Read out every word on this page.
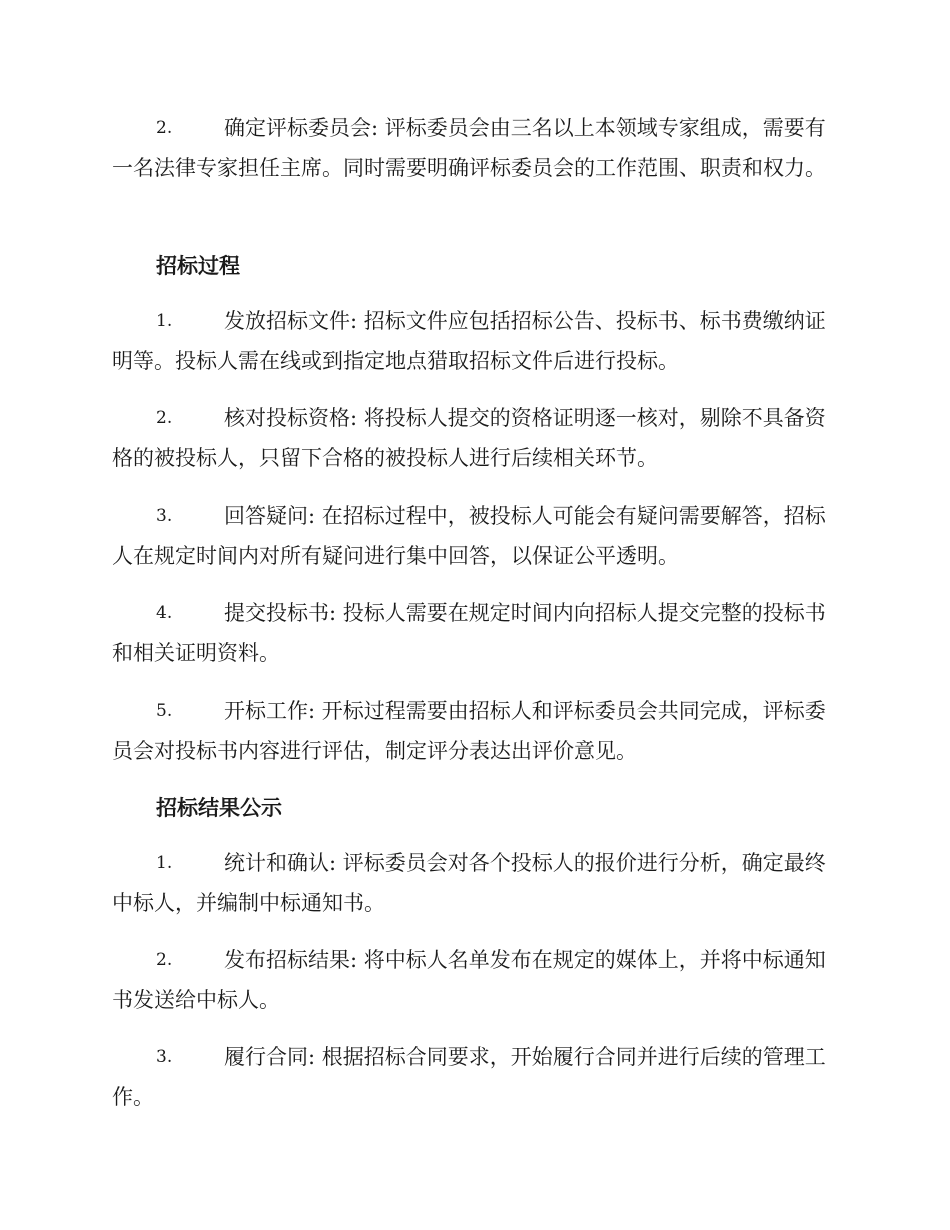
2. 确定评标委员会: 评标委员会由三名以上本领域专家组成，需要有一名法律专家担任主席。同时需要明确评标委员会的工作范围、职责和权力。
招标过程
1. 发放招标文件: 招标文件应包括招标公告、投标书、标书费缴纳证明等。投标人需在线或到指定地点猎取招标文件后进行投标。
2. 核对投标资格: 将投标人提交的资格证明逐一核对，剔除不具备资格的被投标人，只留下合格的被投标人进行后续相关环节。
3. 回答疑问: 在招标过程中，被投标人可能会有疑问需要解答，招标人在规定时间内对所有疑问进行集中回答，以保证公平透明。
4. 提交投标书: 投标人需要在规定时间内向招标人提交完整的投标书和相关证明资料。
5. 开标工作: 开标过程需要由招标人和评标委员会共同完成，评标委员会对投标书内容进行评估，制定评分表达出评价意见。
招标结果公示
1. 统计和确认: 评标委员会对各个投标人的报价进行分析，确定最终中标人，并编制中标通知书。
2. 发布招标结果: 将中标人名单发布在规定的媒体上，并将中标通知书发送给中标人。
3. 履行合同: 根据招标合同要求，开始履行合同并进行后续的管理工作。
